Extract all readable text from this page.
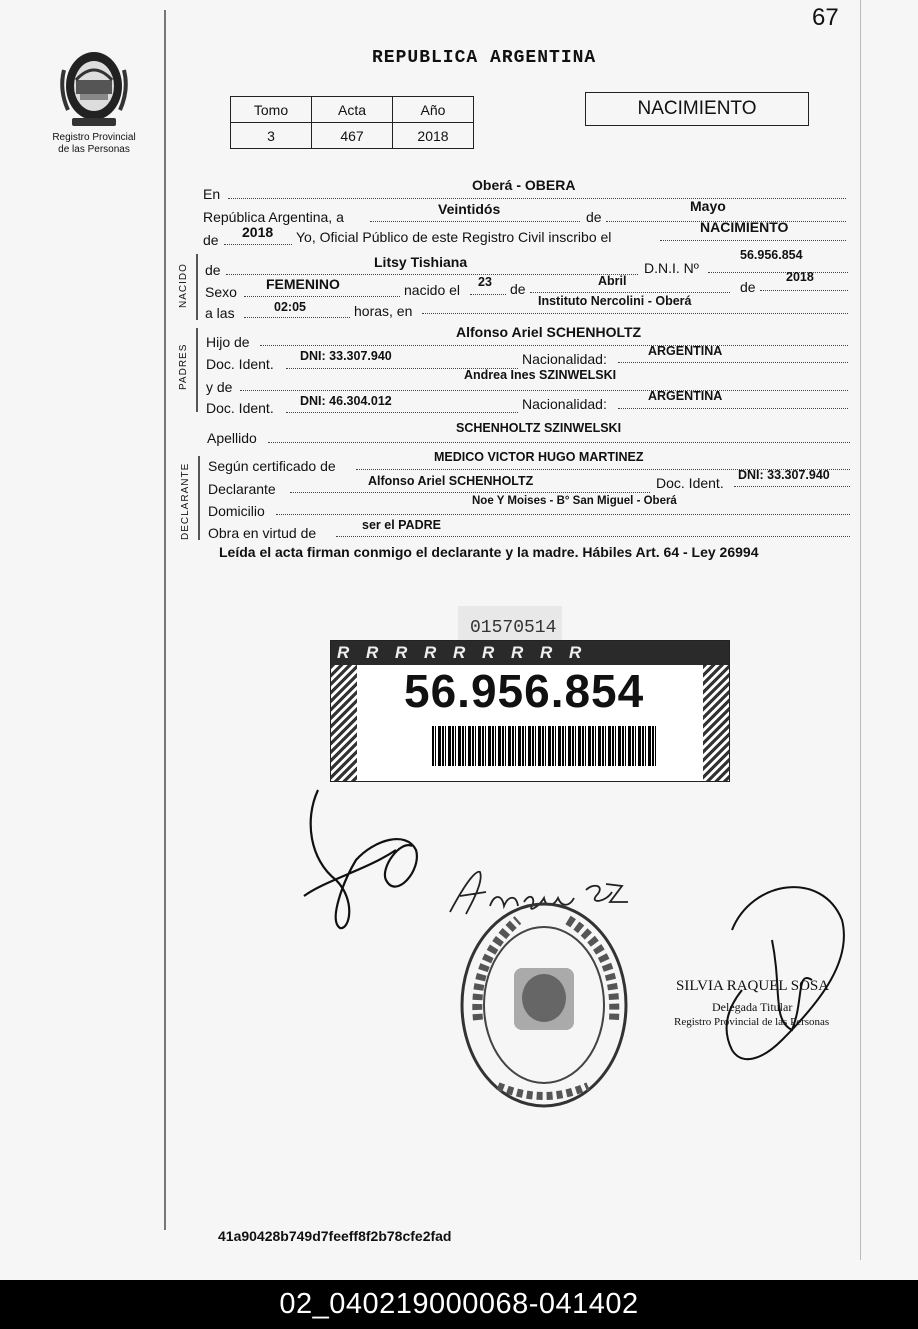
67
Registro Provincial
de las Personas
REPUBLICA ARGENTINA
Tomo	Acta	Año
3	467	2018
NACIMIENTO
En
Oberá - OBERA
República Argentina, a	Veintidós	de
Mayo
de 2018 Yo, Oficial Público de este Registro Civil inscribo el
NACIMIENTO
NACIDO de	Litsy Tishiana	D.N.I. Nº
56.956.854
Sexo FEMENINO	nacido el 23 de	Abril	de
2018
a las	02:05	horas, en
Instituto Nercolini - Oberá
PADRES
Hijo de
Alfonso Ariel SCHENHOLTZ
Doc. Ident. DNI: 33.307.940	Nacionalidad:	ARGENTINA
y de
Andrea Ines SZINWELSKI
Doc. Ident. DNI: 46.304.012	Nacionalidad:	ARGENTINA
Apellido
SCHENHOLTZ SZINWELSKI
DECLARANTE Según certificado de
MEDICO VICTOR HUGO MARTINEZ
Declarante	Alfonso Ariel SCHENHOLTZ	Doc. Ident. DNI: 33.307.940
Domicilio
Noe Y Moises - B° San Miguel - Oberá
Obra en virtud de	ser el PADRE
Leída el acta firman conmigo el declarante y la madre. Hábiles Art. 64 - Ley 26994
01570514
R R R R R R R R R
56.956.854
SILVIA RAQUEL SOSA
Delegada Titular
Registro Provincial de las Personas
41a90428b749d7feeff8f2b78cfe2fad
02_040219000068-041402
